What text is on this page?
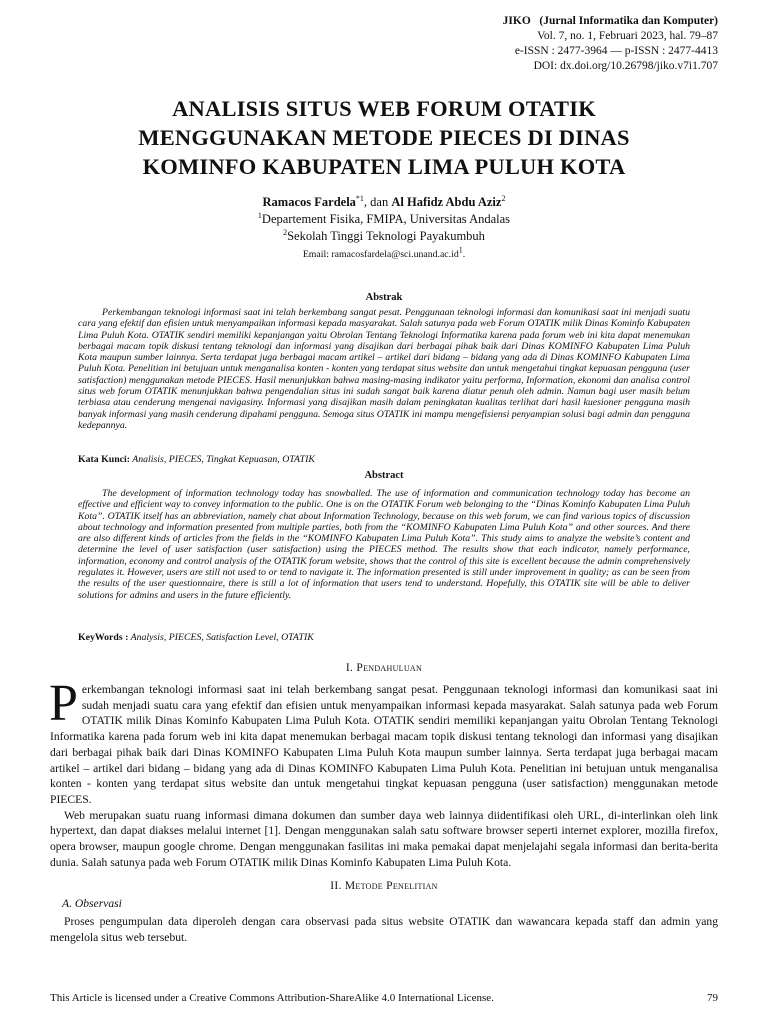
JIKO (Jurnal Informatika dan Komputer)
Vol. 7, no. 1, Februari 2023, hal. 79–87
e-ISSN : 2477-3964 — p-ISSN : 2477-4413
DOI: dx.doi.org/10.26798/jiko.v7i1.707
ANALISIS SITUS WEB FORUM OTATIK
MENGGUNAKAN METODE PIECES DI DINAS
KOMINFO KABUPATEN LIMA PULUH KOTA
Ramacos Fardela$^{*1}$, dan Al Hafidz Abdu Aziz$^2$
$^1$Departement Fisika, FMIPA, Universitas Andalas
$^2$Sekolah Tinggi Teknologi Payakumbuh
Email: $ramacosfardela@sci.unand.ac.id^1$.
Abstrak
Perkembangan teknologi informasi saat ini telah berkembang sangat pesat. Penggunaan teknologi informasi dan komunikasi saat ini menjadi suatu cara yang efektif dan efisien untuk menyampaikan informasi kepada masyarakat. Salah satunya pada web Forum OTATIK milik Dinas Kominfo Kabupaten Lima Puluh Kota. OTATIK sendiri memiliki kepanjangan yaitu Obrolan Tentang Teknologi Informatika karena pada forum web ini kita dapat menemukan berbagai macam topik diskusi tentang teknologi dan informasi yang disajikan dari berbagai pihak baik dari Dinas KOMINFO Kabupaten Lima Puluh Kota maupun sumber lainnya. Serta terdapat juga berbagai macam artikel – artikel dari bidang – bidang yang ada di Dinas KOMINFO Kabupaten Lima Puluh Kota. Penelitian ini betujuan untuk menganalisa konten - konten yang terdapat situs website dan untuk mengetahui tingkat kepuasan pengguna (user satisfaction) menggunakan metode PIECES. Hasil menunjukkan bahwa masing-masing indikator yaitu performa, Information, ekonomi dan analisa control situs web forum OTATIK menunjukkan bahwa pengendalian situs ini sudah sangat baik karena diatur penuh oleh admin. Namun bagi user masih belum terbiasa atau cenderung mengenai navigasiny. Informasi yang disajikan masih dalam peningkatan kualitas terlihat dari hasil kuesioner pengguna masih banyak informasi yang masih cenderung dipahami pengguna. Semoga situs OTATIK ini mampu mengefisiensi penyampian solusi bagi admin dan pengguna kedepannya.
Kata Kunci: Analisis, PIECES, Tingkat Kepuasan, OTATIK
Abstract
The development of information technology today has snowballed. The use of information and communication technology today has become an effective and efficient way to convey information to the public. One is on the OTATIK Forum web belonging to the “Dinas Kominfo Kabupaten Lima Puluh Kota”. OTATIK itself has an abbreviation, namely chat about Information Technology, because on this web forum, we can find various topics of discussion about technology and information presented from multiple parties, both from the “KOMINFO Kabupaten Lima Puluh Kota” and other sources. And there are also different kinds of articles from the fields in the “KOMINFO Kabupaten Lima Puluh Kota”. This study aims to analyze the website’s content and determine the level of user satisfaction (user satisfaction) using the PIECES method. The results show that each indicator, namely performance, information, economy and control analysis of the OTATIK forum website, shows that the control of this site is excellent because the admin comprehensively regulates it. However, users are still not used to or tend to navigate it. The information presented is still under improvement in quality; as can be seen from the results of the user questionnaire, there is still a lot of information that users tend to understand. Hopefully, this OTATIK site will be able to deliver solutions for admins and users in the future efficiently.
KeyWords : Analysis, PIECES, Satisfaction Level, OTATIK
I. Pendahuluan

Perkembangan teknologi informasi saat ini telah berkembang sangat pesat. Penggunaan teknologi informasi dan komunikasi saat ini sudah menjadi suatu cara yang efektif dan efisien untuk menyampaikan informasi kepada masyarakat. Salah satunya pada web Forum OTATIK milik Dinas Kominfo Kabupaten Lima Puluh Kota. OTATIK sendiri memiliki kepanjangan yaitu Obrolan Tentang Teknologi Informatika karena pada forum web ini kita dapat menemukan berbagai macam topik diskusi tentang teknologi dan informasi yang disajikan dari berbagai pihak baik dari Dinas KOMINFO Kabupaten Lima Puluh Kota maupun sumber lainnya. Serta terdapat juga berbagai macam artikel – artikel dari bidang – bidang yang ada di Dinas KOMINFO Kabupaten Lima Puluh Kota. Penelitian ini betujuan untuk menganalisa konten - konten yang terdapat situs website dan untuk mengetahui tingkat kepuasan pengguna (user satisfaction) menggunakan metode PIECES.

Web merupakan suatu ruang informasi dimana dokumen dan sumber daya web lainnya diidentifikasi oleh URL, di-interlinkan oleh link hypertext, dan dapat diakses melalui internet [1]. Dengan menggunakan salah satu software browser seperti internet explorer, mozilla firefox, opera browser, maupun google chrome. Dengan menggunakan fasilitas ini maka pemakai dapat menjelajahi segala informasi dan berita-berita dunia. Salah satunya pada web Forum OTATIK milik Dinas Kominfo Kabupaten Lima Puluh Kota.

II. Metode Penelitian
A. Observasi

Proses pengumpulan data diperoleh dengan cara observasi pada situs website OTATIK dan wawancara kepada staff dan admin yang mengelola situs web tersebut.

This Article is licensed under a Creative Commons Attribution-ShareAlike 4.0 International License.	79
